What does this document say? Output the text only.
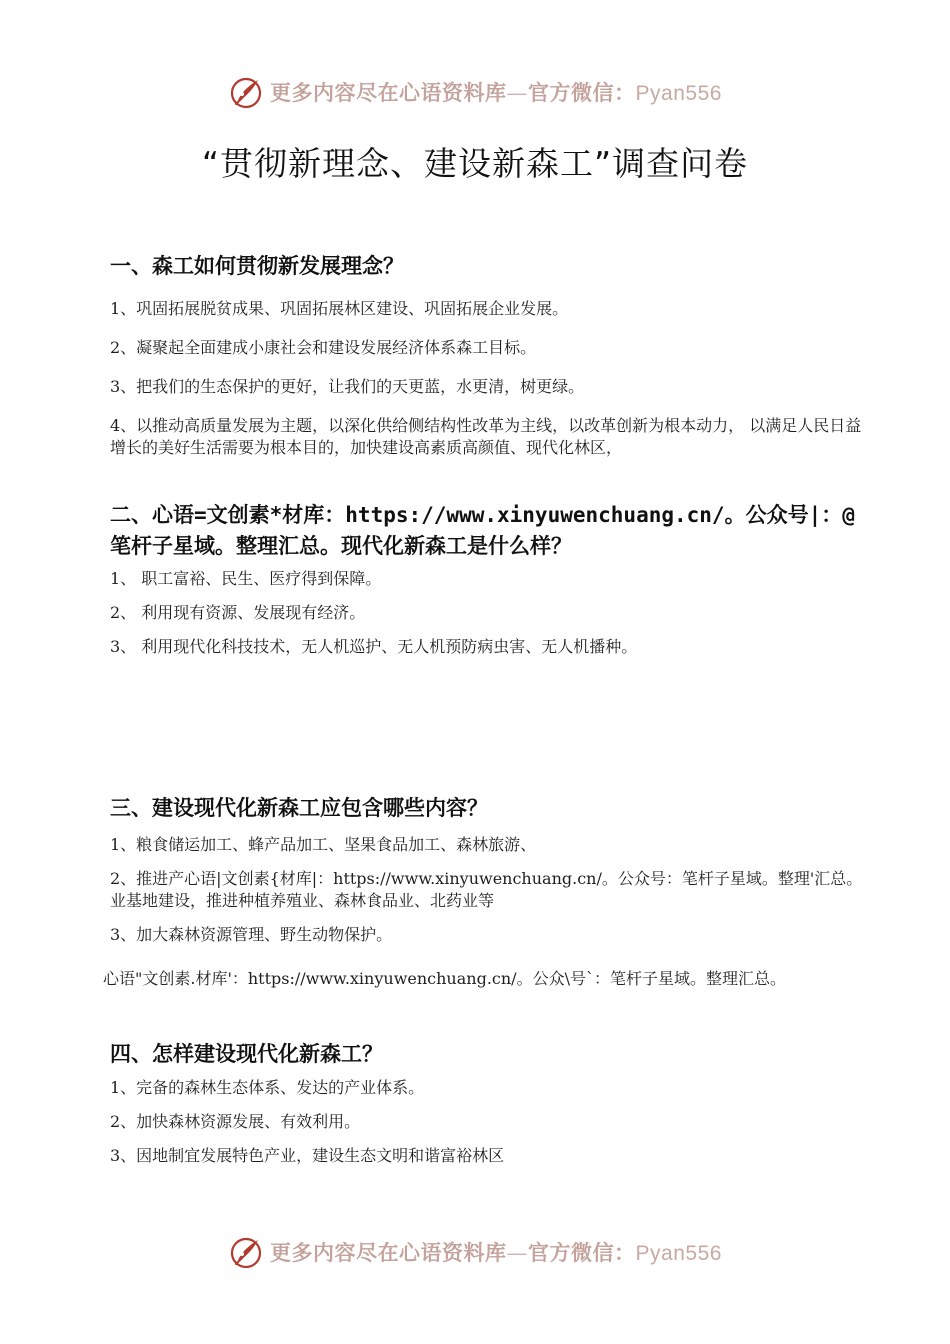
更多内容尽在心语资料库—官方微信：Pyan556
“贯彻新理念、建设新森工”调查问卷
一、森工如何贯彻新发展理念？

1、巩固拓展脱贫成果、巩固拓展林区建设、巩固拓展企业发展。

2、凝聚起全面建成小康社会和建设发展经济体系森工目标。

3、把我们的生态保护的更好，让我们的天更蓝，水更清，树更绿。

4、以推动高质量发展为主题，以深化供给侧结构性改革为主线，以改革创新为根本动力， 以满足人民日益增长的美好生活需要为根本目的，加快建设高素质高颜值、现代化林区，

二、心语=文创素*材库：https://www.xinyuwenchuang.cn/。公众号|：@笔杆子星域。整理汇总。现代化新森工是什么样？

1、 职工富裕、民生、医疗得到保障。

2、 利用现有资源、发展现有经济。

3、 利用现代化科技技术，无人机巡护、无人机预防病虫害、无人机播种。

三、建设现代化新森工应包含哪些内容？

1、粮食储运加工、蜂产品加工、坚果食品加工、森林旅游、

2、推进产心语|文创素{材库|：https://www.xinyuwenchuang.cn/。公众号：笔杆子星域。整理'汇总。业基地建设，推进种植养殖业、森林食品业、北药业等

3、加大森林资源管理、野生动物保护。

心语"文创素.材库'：https://www.xinyuwenchuang.cn/。公众\号`：笔杆子星域。整理汇总。

四、怎样建设现代化新森工？

1、完备的森林生态体系、发达的产业体系。

2、加快森林资源发展、有效利用。

3、因地制宜发展特色产业，建设生态文明和谐富裕林区

更多内容尽在心语资料库—官方微信：Pyan556
